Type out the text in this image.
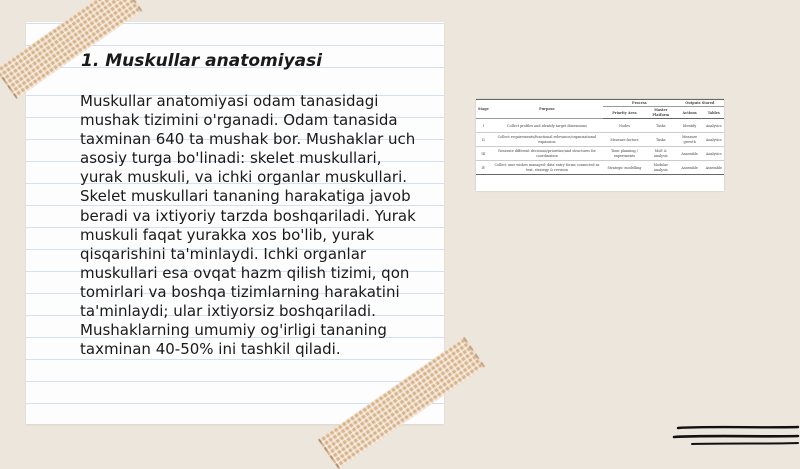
1. Muskullar anatomiyasi

Muskullar anatomiyasi odam tanasidagi mushak tizimini o'rganadi. Odam tanasida taxminan 640 ta mushak bor. Mushaklar uch asosiy turga bo'linadi: skelet muskullari, yurak muskuli, va ichki organlar muskullari. Skelet muskullari tananing harakatiga javob beradi va ixtiyoriy tarzda boshqariladi. Yurak muskuli faqat yurakka xos bo'lib, yurak qisqarishini ta'minlaydi. Ichki organlar muskullari esa ovqat hazm qilish tizimi, qon tomirlari va boshqa tizimlarning harakatini ta'minlaydi; ular ixtiyorsiz boshqariladi. Mushaklarning umumiy og'irligi tananing taxminan 40-50% ini tashkil qiladi.

Stage	Purpose	Process		Outputs Stored	
		Priority Area	Master Platform	Actions	Tables
I	Collect profiles and identify target dimensions	Nodes	Tasks	Identify	Analytics
II	Collect requirements/functional relevance/organizational expansion	Measure factors	Tasks	Measure growth	Analytics
III	Generate different decisions/prioritize/and structures for coordination	Time planning / experiments	MoE & analysis	Assemble	Analytics
IV	Collect user wishes managed: data entry forms connected as text, strategy & revision	Strategic modelling	Modular analysis	Assemble	Assemble
